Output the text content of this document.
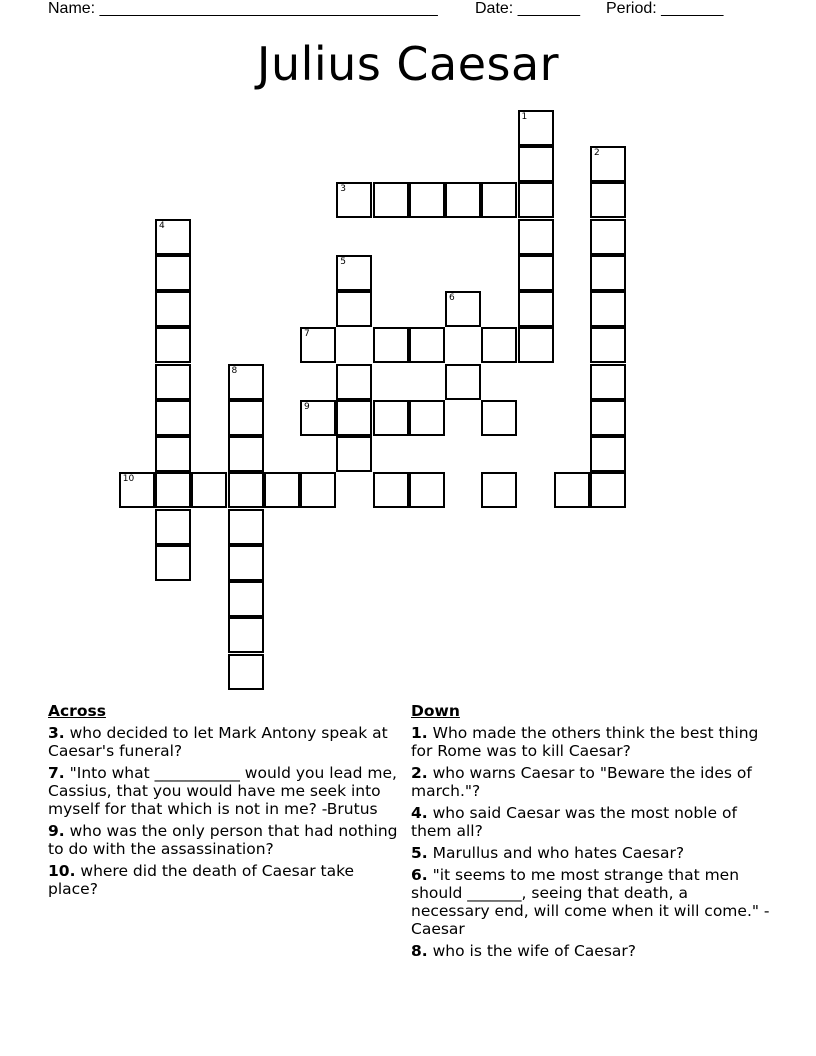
Name: ______________________________________

Date: _______

Period: _______

Julius Caesar
1
2
3
4
5
6
7
8
9
10
Across
3. who decided to let Mark Antony speak at Caesar's funeral?
7. "Into what ___________ would you lead me, Cassius, that you would have me seek into myself for that which is not in me? -Brutus
9. who was the only person that had nothing to do with the assassination?
10. where did the death of Caesar take place?
Down
1. Who made the others think the best thing for Rome was to kill Caesar?
2. who warns Caesar to "Beware the ides of march."?
4. who said Caesar was the most noble of them all?
5. Marullus and who hates Caesar?
6. "it seems to me most strange that men should _______, seeing that death, a necessary end, will come when it will come." -Caesar
8. who is the wife of Caesar?
